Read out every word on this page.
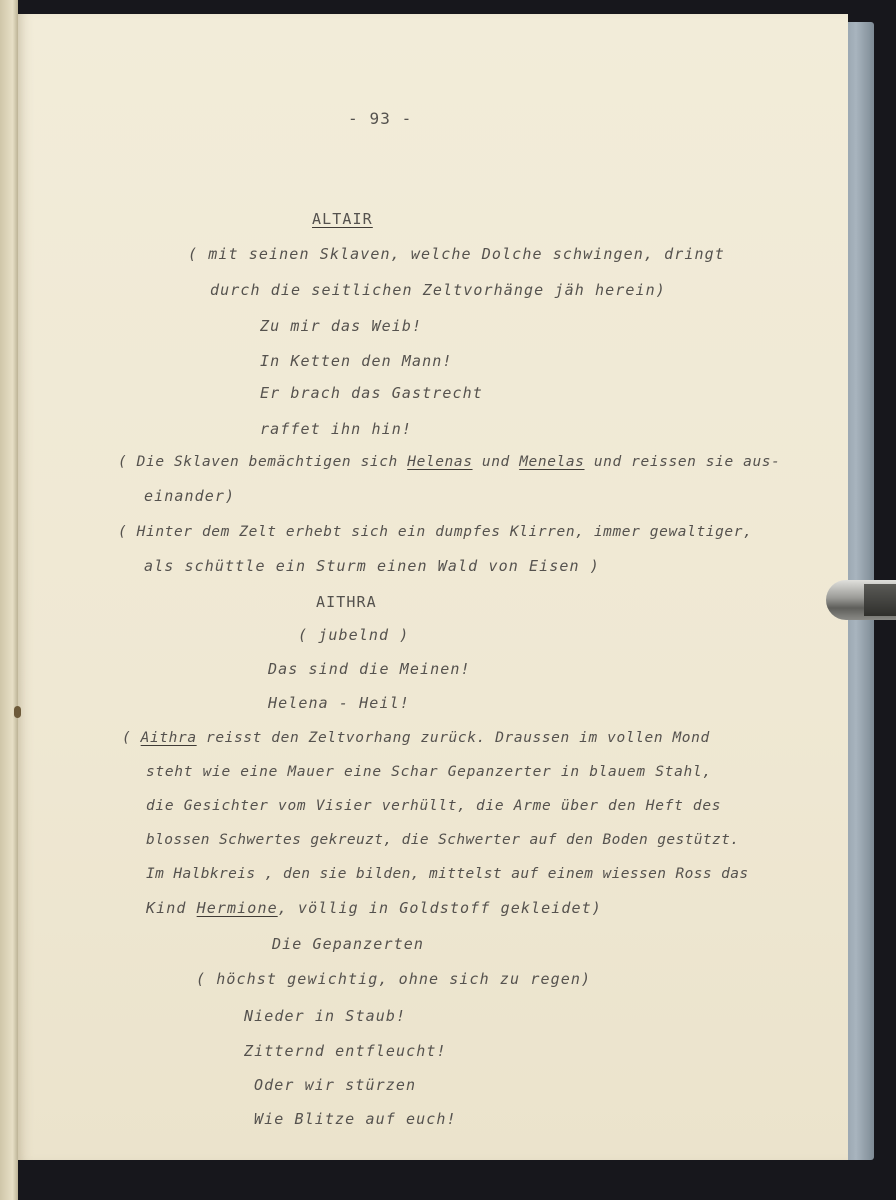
- 93 -
ALTAIR
( mit seinen Sklaven, welche Dolche schwingen, dringt
durch die seitlichen Zeltvorhänge jäh herein)
Zu mir das Weib!
In Ketten den Mann!
Er brach das Gastrecht
raffet ihn hin!
( Die Sklaven bemächtigen sich Helenas und Menelas und reissen sie aus-
einander)
( Hinter dem Zelt erhebt sich ein dumpfes Klirren, immer gewaltiger,
als schüttle ein Sturm einen Wald von Eisen )
AITHRA
( jubelnd )
Das sind die Meinen!
Helena - Heil!
( Aithra reisst den Zeltvorhang zurück. Draussen im vollen Mond
steht wie eine Mauer eine Schar Gepanzerter in blauem Stahl,
die Gesichter vom Visier verhüllt, die Arme über den Heft des
blossen Schwertes gekreuzt, die Schwerter auf den Boden gestützt.
Im Halbkreis , den sie bilden, mittelst auf einem wiessen Ross das
Kind Hermione, völlig in Goldstoff gekleidet)
Die Gepanzerten
( höchst gewichtig, ohne sich zu regen)
Nieder in Staub!
Zitternd entfleucht!
Oder wir stürzen
Wie Blitze auf euch!
